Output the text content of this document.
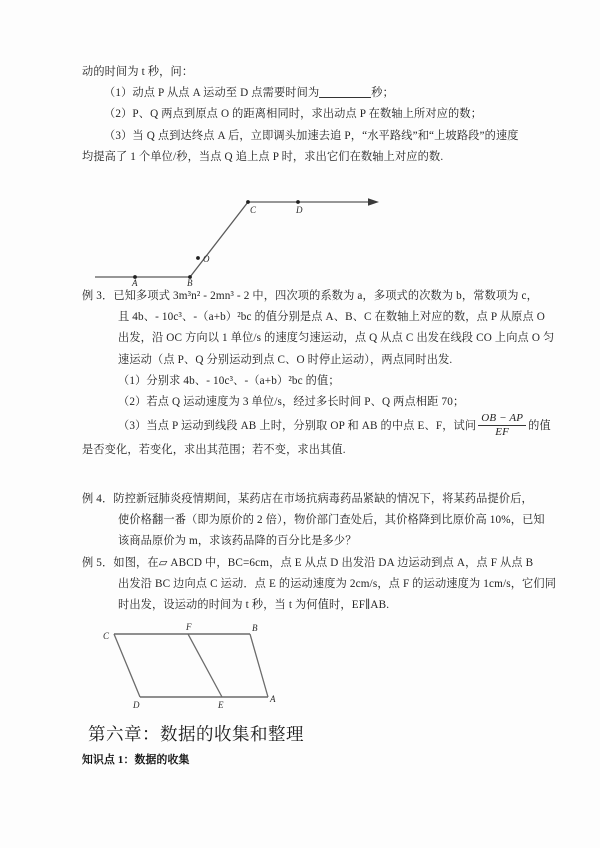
动的时间为 t 秒，问：
（1）动点 P 从点 A 运动至 D 点需要时间为	秒；
（2）P、Q 两点到原点 O 的距离相同时，求出动点 P 在数轴上所对应的数；
（3）当 Q 点到达终点 A 后，立即调头加速去追 P，“水平路线”和“上坡路段”的速度
均提高了 1 个单位/秒，当点 Q 追上点 P 时，求出它们在数轴上对应的数.
A	B
O
C	D
例 3．已知多项式 3m³n² - 2mn³ - 2 中，四次项的系数为 a，多项式的次数为 b，常数项为 c，
且 4b、- 10c³、-（a+b）²bc 的值分别是点 A、B、C 在数轴上对应的数，点 P 从原点 O
出发，沿 OC 方向以 1 单位/s 的速度匀速运动，点 Q 从点 C 出发在线段 CO 上向点 O 匀
速运动（点 P、Q 分别运动到点 C、O 时停止运动），两点同时出发.
（1）分别求 4b、- 10c³、-（a+b）²bc 的值；
（2）若点 Q 运动速度为 3 单位/s，经过多长时间 P、Q 两点相距 70；
（3）当点 P 运动到线段 AB 上时，分别取 OP 和 AB 的中点 E、F，试问 $\frac{OB - AP}{EF}$ 的值
是否变化，若变化，求出其范围；若不变，求出其值.
例 4．防控新冠肺炎疫情期间，某药店在市场抗病毒药品紧缺的情况下，将某药品提价后，
使价格翻一番（即为原价的 2 倍），物价部门查处后，其价格降到比原价高 10%，已知
该商品原价为 m，求该药品降的百分比是多少？
例 5．如图，在▱ ABCD 中，BC=6cm，点 E 从点 D 出发沿 DA 边运动到点 A，点 F 从点 B
出发沿 BC 边向点 C 运动．点 E 的运动速度为 2cm/s，点 F 的运动速度为 1cm/s，它们同
时出发，设运动的时间为 t 秒，当 t 为何值时，EF∥AB.
C
F	B
D	E
A
第六章：数据的收集和整理
知识点 1：数据的收集
